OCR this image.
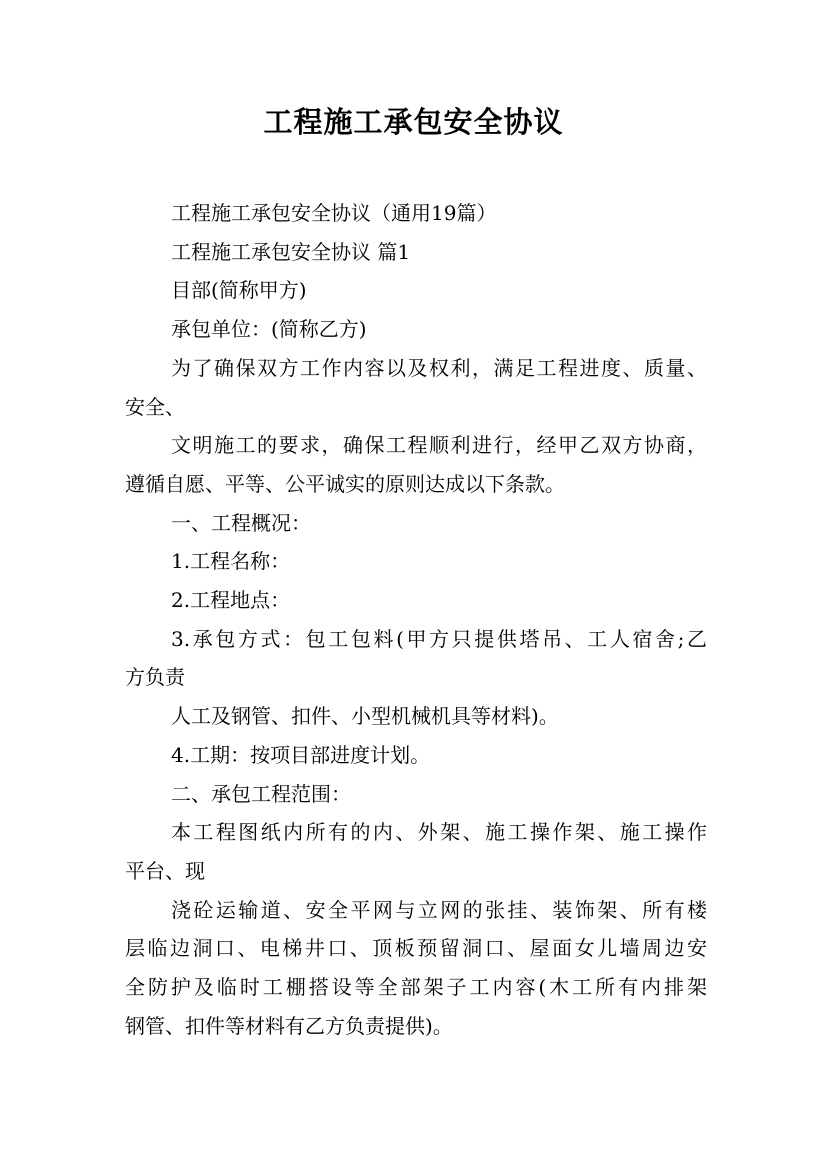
工程施工承包安全协议
工程施工承包安全协议（通用19篇）
工程施工承包安全协议 篇1
目部(简称甲方)
承包单位：(简称乙方)
为了确保双方工作内容以及权利，满足工程进度、质量、
安全、
文明施工的要求，确保工程顺利进行，经甲乙双方协商，
遵循自愿、平等、公平诚实的原则达成以下条款。
一、工程概况：
1.工程名称：
2.工程地点：
3.承包方式：包工包料(甲方只提供塔吊、工人宿舍;乙
方负责
人工及钢管、扣件、小型机械机具等材料)。
4.工期：按项目部进度计划。
二、承包工程范围：
本工程图纸内所有的内、外架、施工操作架、施工操作
平台、现
浇砼运输道、安全平网与立网的张挂、装饰架、所有楼
层临边洞口、电梯井口、顶板预留洞口、屋面女儿墙周边安
全防护及临时工棚搭设等全部架子工内容(木工所有内排架
钢管、扣件等材料有乙方负责提供)。
